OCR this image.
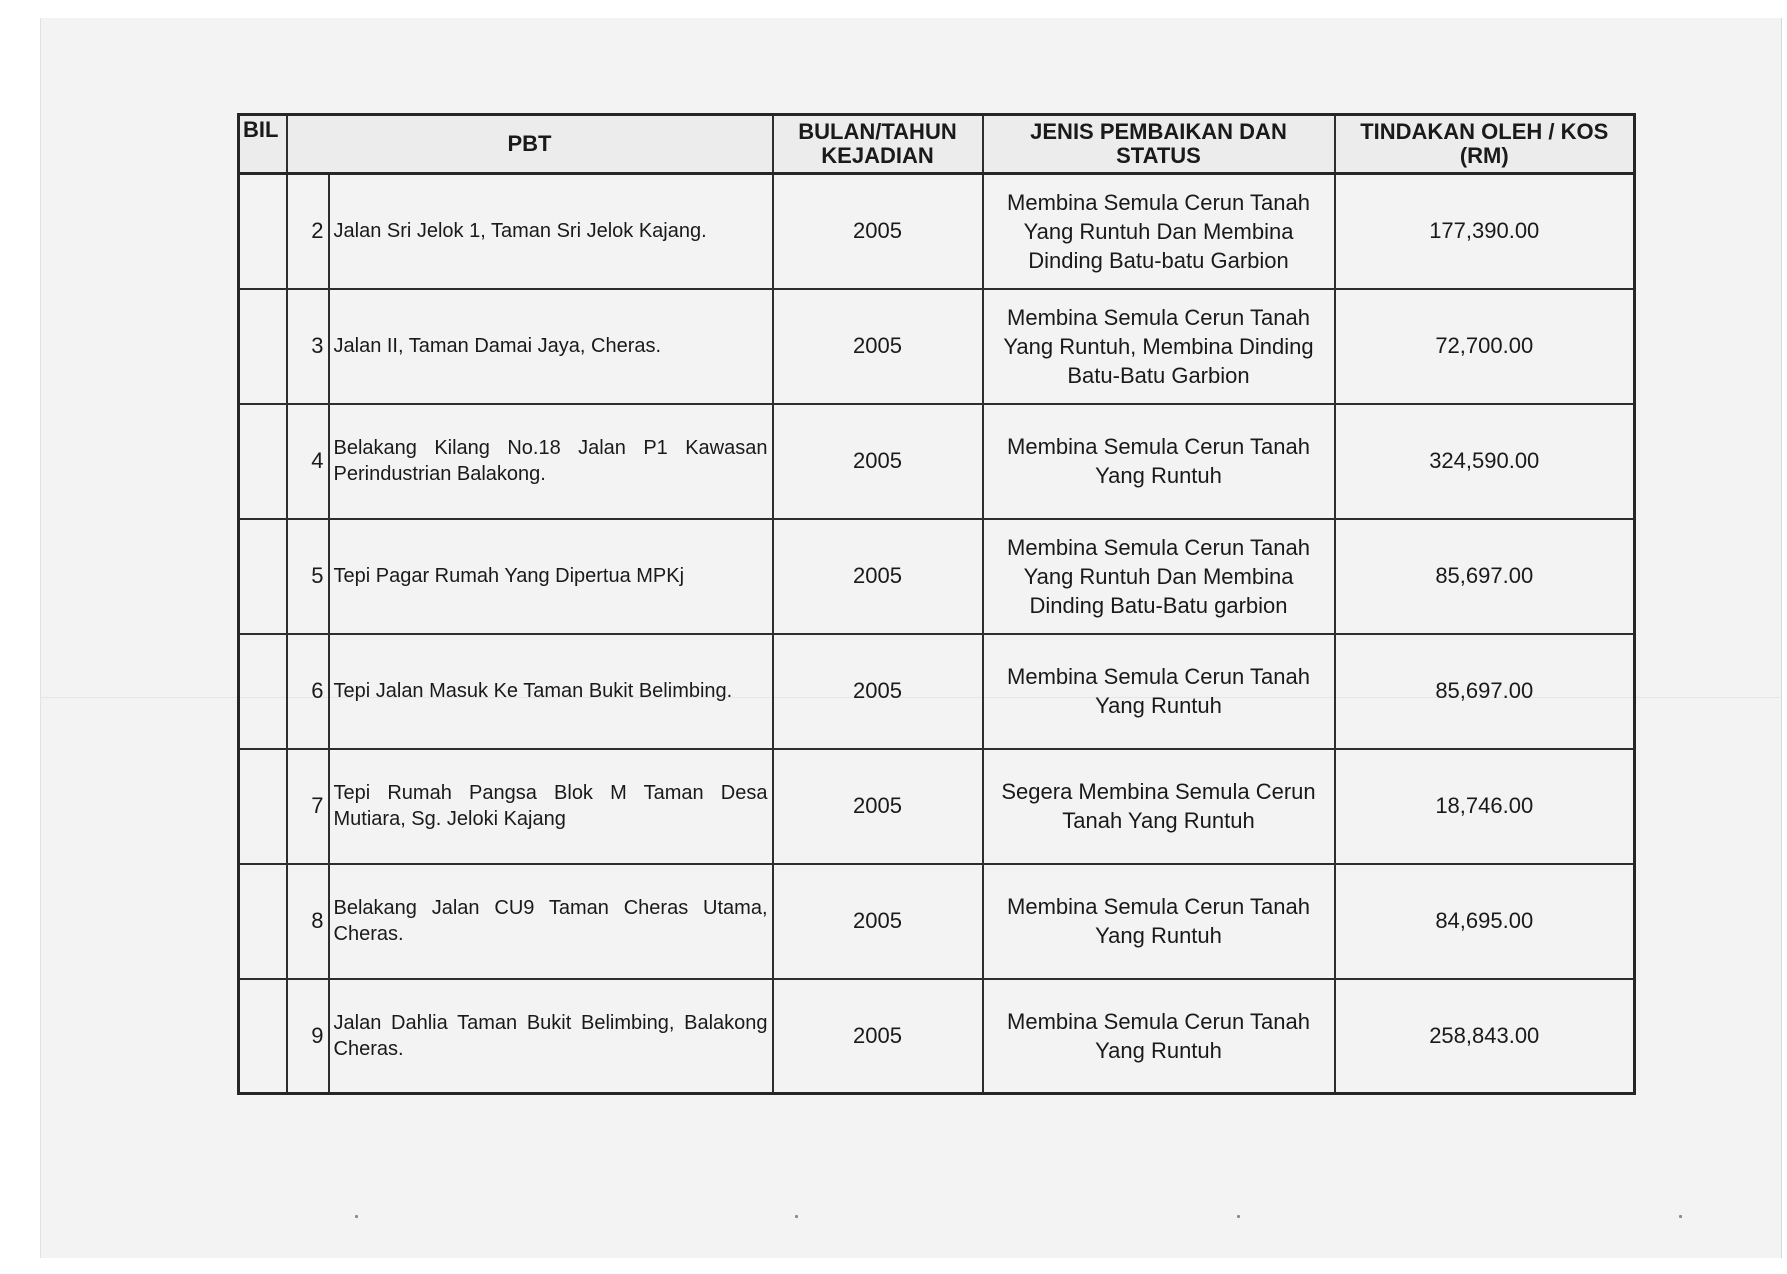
BIL	PBT		BULAN/TAHUN KEJADIAN	JENIS PEMBAIKAN DAN STATUS	TINDAKAN OLEH / KOS (RM)
	2	Jalan Sri Jelok 1, Taman Sri Jelok Kajang.	2005	Membina Semula Cerun Tanah Yang Runtuh Dan Membina Dinding Batu-batu Garbion	177,390.00
	3	Jalan II, Taman Damai Jaya, Cheras.	2005	Membina Semula Cerun Tanah Yang Runtuh, Membina Dinding Batu-Batu Garbion	72,700.00
	4	Belakang Kilang No.18 Jalan P1 Kawasan Perindustrian Balakong.	2005	Membina Semula Cerun Tanah Yang Runtuh	324,590.00
	5	Tepi Pagar Rumah Yang Dipertua MPKj	2005	Membina Semula Cerun Tanah Yang Runtuh Dan Membina Dinding Batu-Batu garbion	85,697.00
	6	Tepi Jalan Masuk Ke Taman Bukit Belimbing.	2005	Membina Semula Cerun Tanah Yang Runtuh	85,697.00
	7	Tepi Rumah Pangsa Blok M Taman Desa Mutiara, Sg. Jeloki Kajang	2005	Segera Membina Semula Cerun Tanah Yang Runtuh	18,746.00
	8	Belakang Jalan CU9 Taman Cheras Utama, Cheras.	2005	Membina Semula Cerun Tanah Yang Runtuh	84,695.00
	9	Jalan Dahlia Taman Bukit Belimbing, Balakong Cheras.	2005	Membina Semula Cerun Tanah Yang Runtuh	258,843.00
